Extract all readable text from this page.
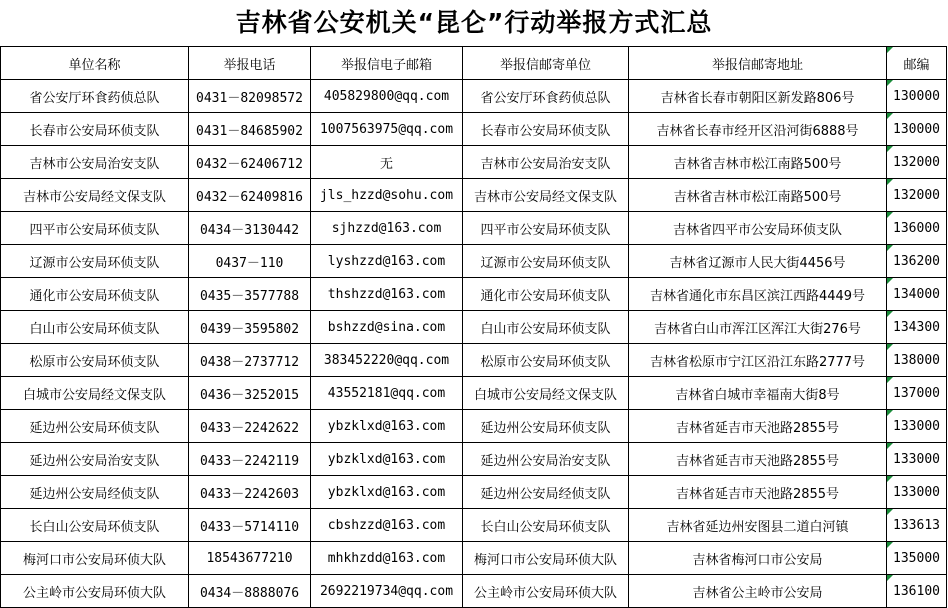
吉林省公安机关“昆仑”行动举报方式汇总
单位名称	举报电话	举报信电子邮箱	举报信邮寄单位	举报信邮寄地址	邮编
省公安厅环食药侦总队	0431－82098572	405829800@qq.com	省公安厅环食药侦总队	吉林省长春市朝阳区新发路806号	130000
长春市公安局环侦支队	0431－84685902	1007563975@qq.com	长春市公安局环侦支队	吉林省长春市经开区沿河街6888号	130000
吉林市公安局治安支队	0432－62406712	无	吉林市公安局治安支队	吉林省吉林市松江南路500号	132000
吉林市公安局经文保支队	0432－62409816	jls_hzzd@sohu.com	吉林市公安局经文保支队	吉林省吉林市松江南路500号	132000
四平市公安局环侦支队	0434－3130442	sjhzzd@163.com	四平市公安局环侦支队	吉林省四平市公安局环侦支队	136000
辽源市公安局环侦支队	0437－110	lyshzzd@163.com	辽源市公安局环侦支队	吉林省辽源市人民大街4456号	136200
通化市公安局环侦支队	0435－3577788	thshzzd@163.com	通化市公安局环侦支队	吉林省通化市东昌区滨江西路4449号	134000
白山市公安局环侦支队	0439－3595802	bshzzd@sina.com	白山市公安局环侦支队	吉林省白山市浑江区浑江大街276号	134300
松原市公安局环侦支队	0438－2737712	383452220@qq.com	松原市公安局环侦支队	吉林省松原市宁江区沿江东路2777号	138000
白城市公安局经文保支队	0436－3252015	43552181@qq.com	白城市公安局经文保支队	吉林省白城市幸福南大街8号	137000
延边州公安局环侦支队	0433－2242622	ybzklxd@163.com	延边州公安局环侦支队	吉林省延吉市天池路2855号	133000
延边州公安局治安支队	0433－2242119	ybzklxd@163.com	延边州公安局治安支队	吉林省延吉市天池路2855号	133000
延边州公安局经侦支队	0433－2242603	ybzklxd@163.com	延边州公安局经侦支队	吉林省延吉市天池路2855号	133000
长白山公安局环侦支队	0433－5714110	cbshzzd@163.com	长白山公安局环侦支队	吉林省延边州安图县二道白河镇	133613
梅河口市公安局环侦大队	18543677210	mhkhzdd@163.com	梅河口市公安局环侦大队	吉林省梅河口市公安局	135000
公主岭市公安局环侦大队	0434－8888076	2692219734@qq.com	公主岭市公安局环侦大队	吉林省公主岭市公安局	136100
